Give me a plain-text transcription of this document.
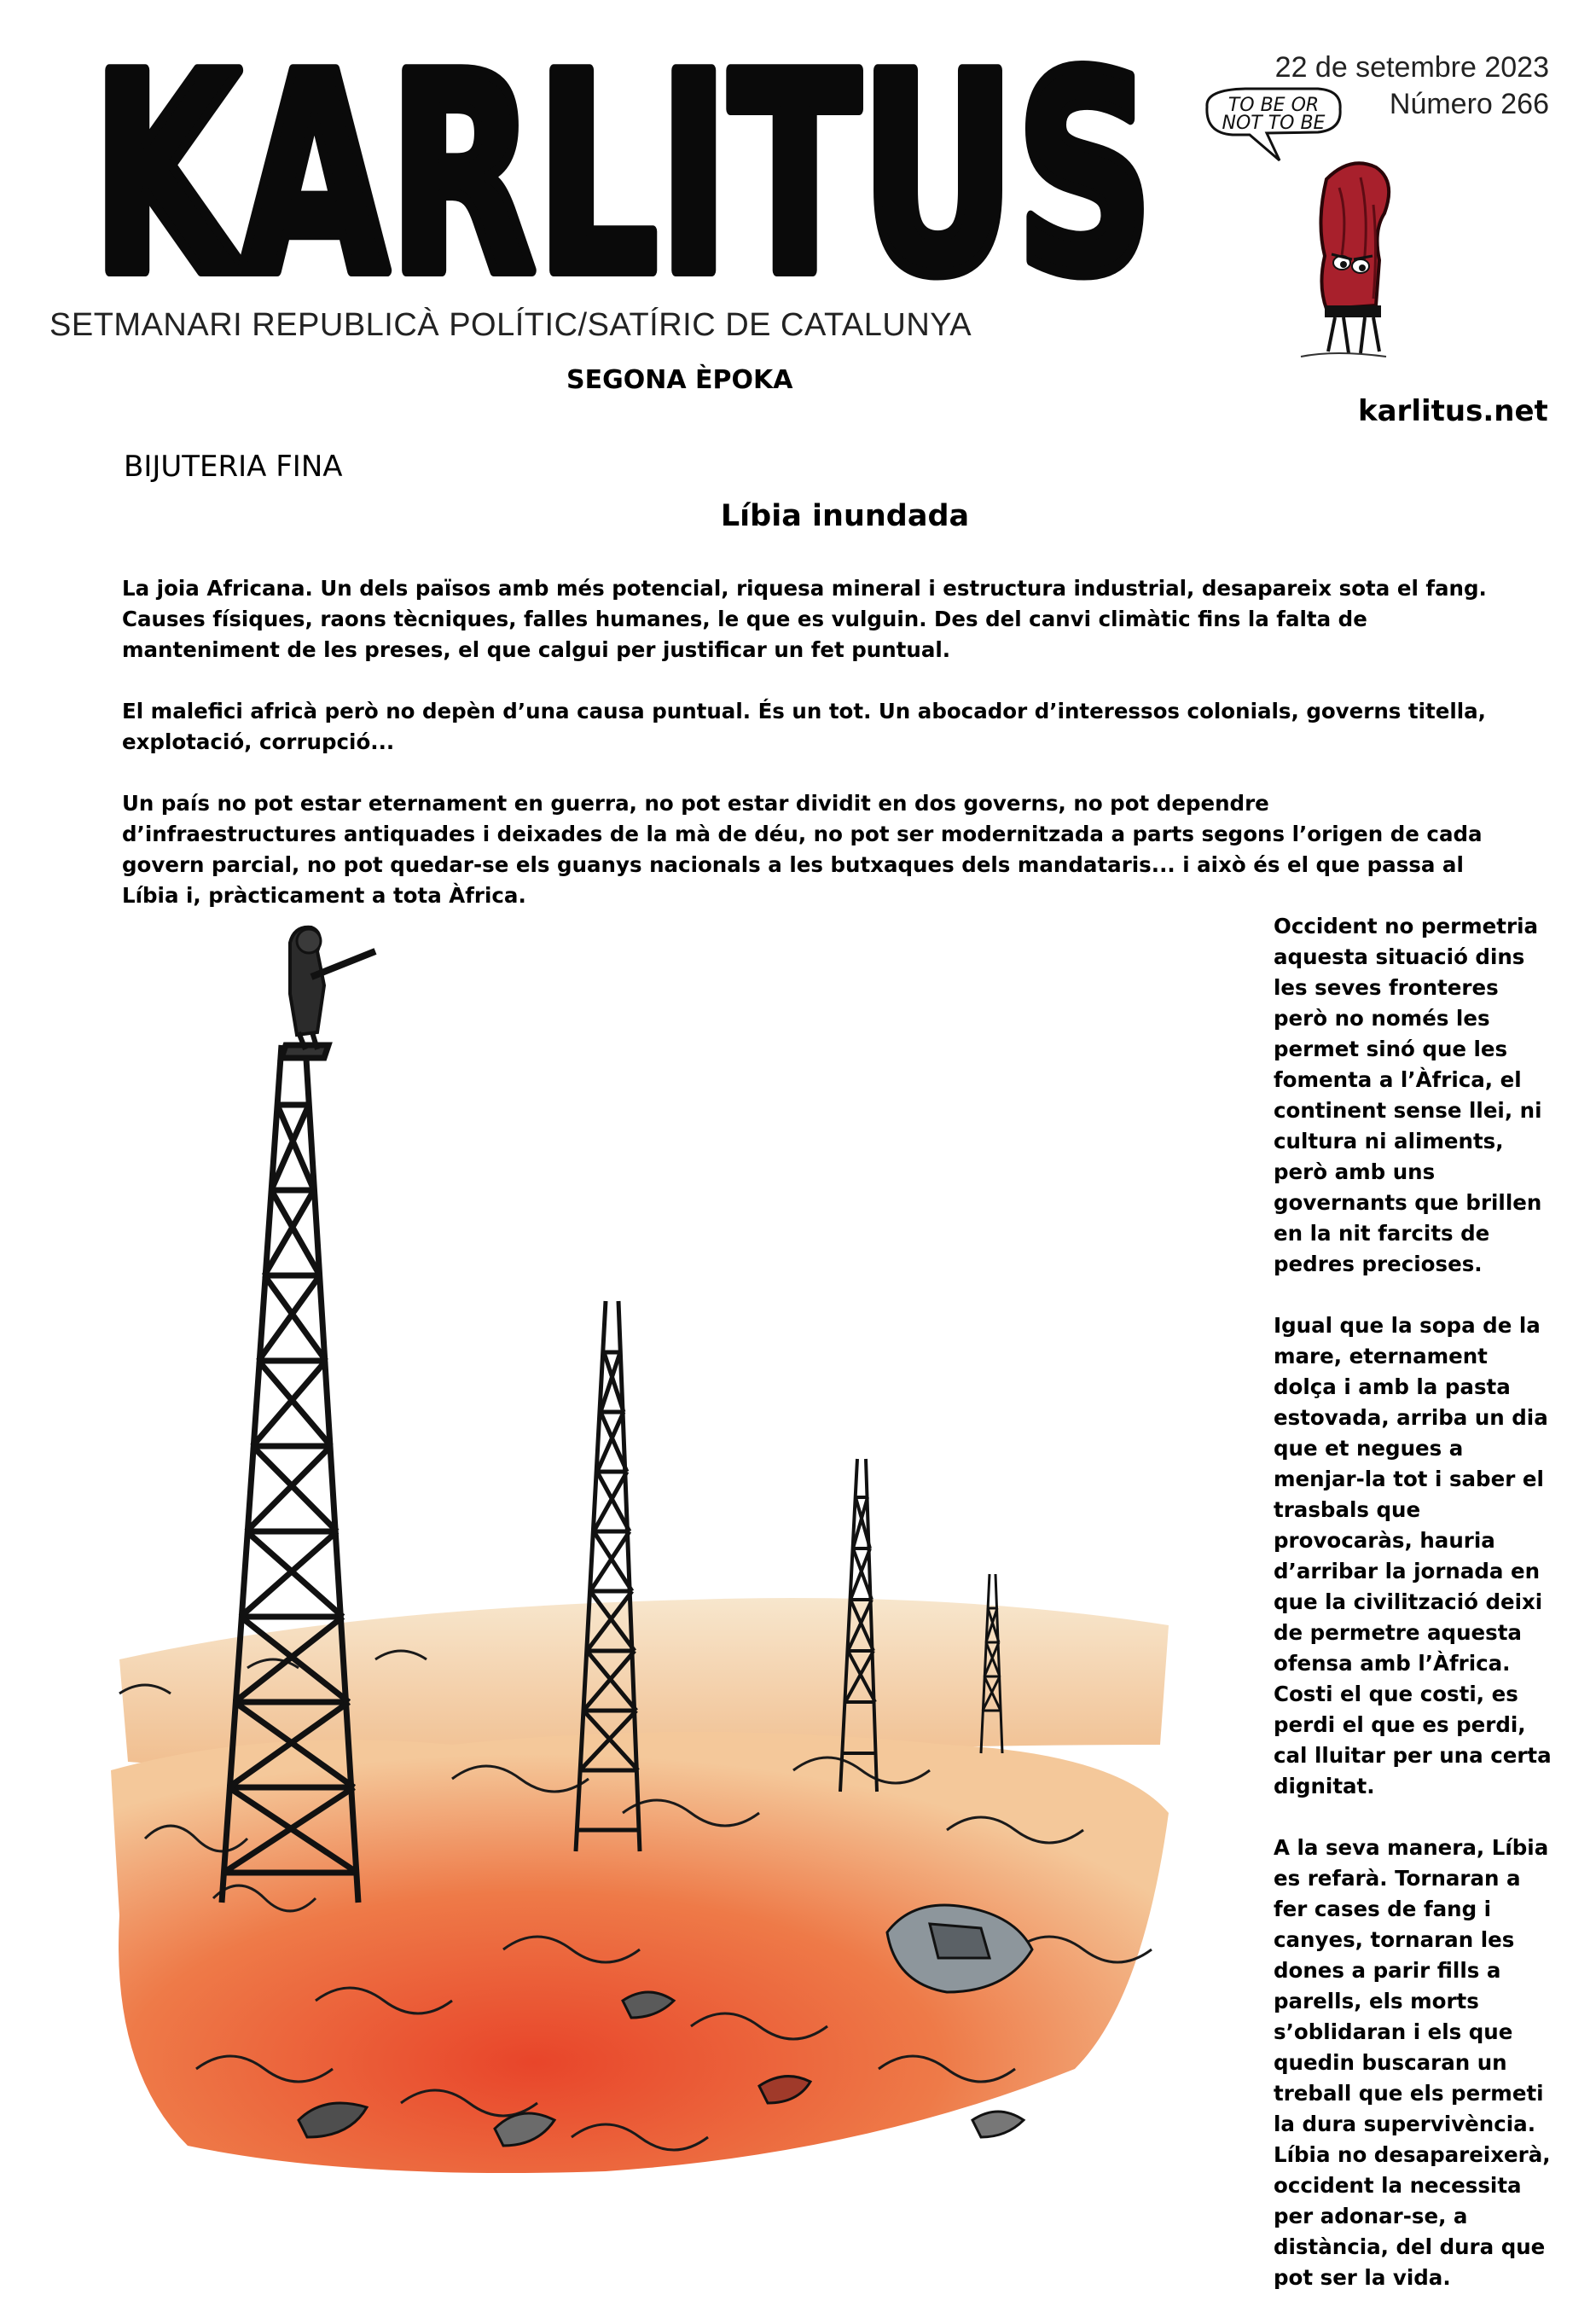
KARLITUS
SETMANARI REPUBLICÀ POLÍTIC/SATÍRIC DE CATALUNYA
SEGONA ÈPOKA
22 de setembre 2023
Número 266
TO BE OR
NOT TO BE
karlitus.net
BIJUTERIA FINA
Líbia inundada

La joia Africana. Un dels països amb més potencial, riquesa mineral i estructura industrial, desapareix sota el fang. Causes físiques, raons tècniques, falles humanes, le que es vulguin. Des del canvi climàtic fins la falta de manteniment de les preses, el que calgui per justificar un fet puntual.

El malefici africà però no depèn d’una causa puntual. És un tot. Un abocador d’interessos colonials, governs titella, explotació, corrupció...

Un país no pot estar eternament en guerra, no pot estar dividit en dos governs, no pot dependre d’infraestructures antiquades i deixades de la mà de déu, no pot ser modernitzada a parts segons l’origen de cada govern parcial, no pot quedar-se els guanys nacionals a les butxaques dels mandataris... i això és el que passa al Líbia i, pràcticament a tota Àfrica.

Occident no permetria aquesta situació dins les seves fronteres però no només les permet sinó que les fomenta a l’Àfrica, el continent sense llei, ni cultura ni aliments, però amb uns governants que brillen en la nit farcits de pedres precioses.

Igual que la sopa de la mare, eternament dolça i amb la pasta estovada, arriba un dia que et negues a menjar-la tot i saber el trasbals que provocaràs, hauria d’arribar la jornada en que la civilització deixi de permetre aquesta ofensa amb l’Àfrica. Costi el que costi, es perdi el que es perdi, cal lluitar per una certa dignitat.

A la seva manera, Líbia es refarà. Tornaran a fer cases de fang i canyes, tornaran les dones a parir fills a parells, els morts s’oblidaran i els que quedin buscaran un treball que els permeti la dura supervivència. Líbia no desapareixerà, occident la necessita per adonar-se, a distància, del dura que pot ser la vida.
